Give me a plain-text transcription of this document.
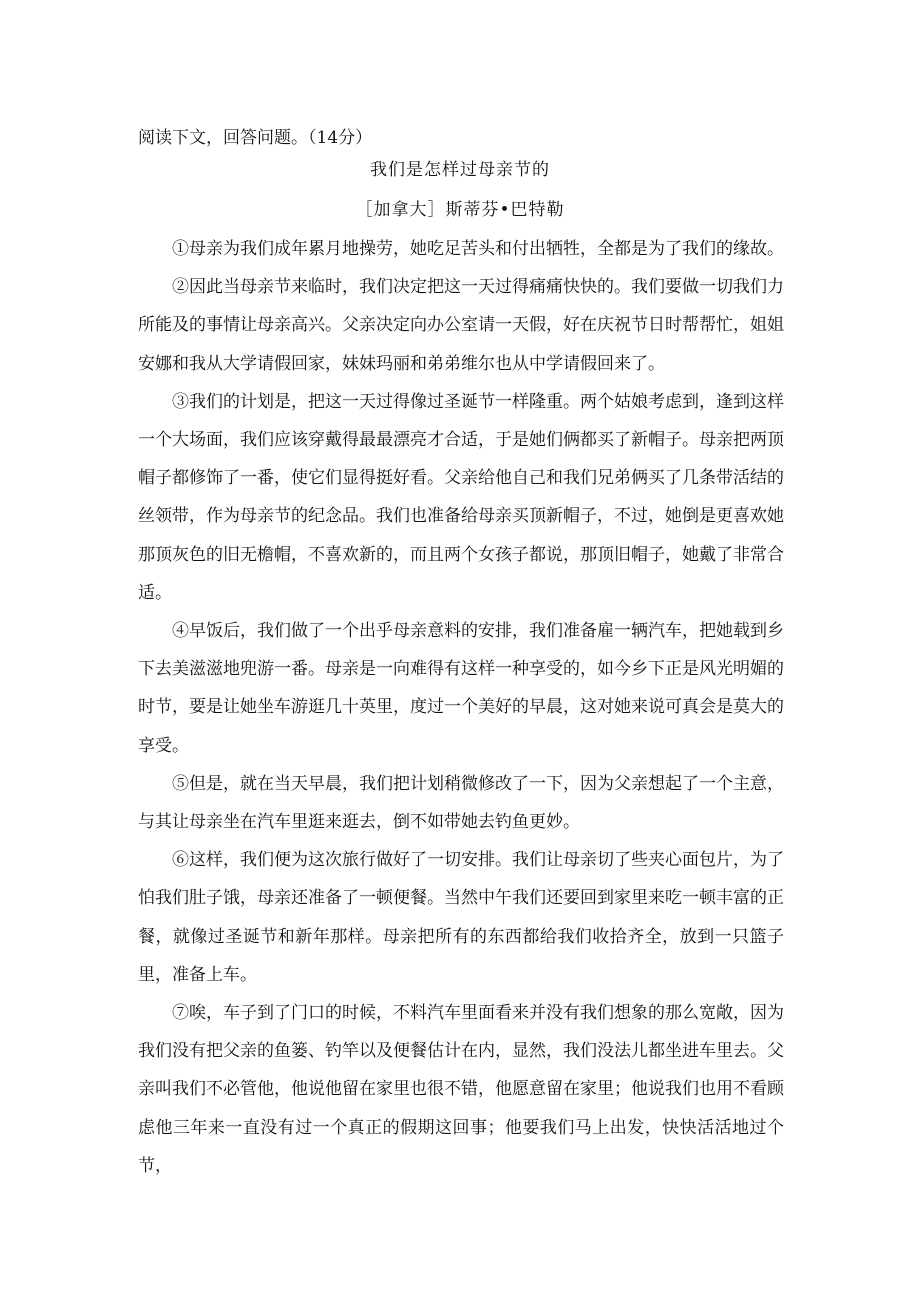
阅读下文，回答问题。（14分）
我们是怎样过母亲节的
［加拿大］斯蒂芬•巴特勒

①母亲为我们成年累月地操劳，她吃足苦头和付出牺牲，全都是为了我们的缘故。

②因此当母亲节来临时，我们决定把这一天过得痛痛快快的。我们要做一切我们力所能及的事情让母亲高兴。父亲决定向办公室请一天假，好在庆祝节日时帮帮忙，姐姐安娜和我从大学请假回家，妹妹玛丽和弟弟维尔也从中学请假回来了。

③我们的计划是，把这一天过得像过圣诞节一样隆重。两个姑娘考虑到，逢到这样一个大场面，我们应该穿戴得最最漂亮才合适，于是她们俩都买了新帽子。母亲把两顶帽子都修饰了一番，使它们显得挺好看。父亲给他自己和我们兄弟俩买了几条带活结的丝领带，作为母亲节的纪念品。我们也准备给母亲买顶新帽子，不过，她倒是更喜欢她那顶灰色的旧无檐帽，不喜欢新的，而且两个女孩子都说，那顶旧帽子，她戴了非常合适。

④早饭后，我们做了一个出乎母亲意料的安排，我们准备雇一辆汽车，把她载到乡下去美滋滋地兜游一番。母亲是一向难得有这样一种享受的，如今乡下正是风光明媚的时节，要是让她坐车游逛几十英里，度过一个美好的早晨，这对她来说可真会是莫大的享受。

⑤但是，就在当天早晨，我们把计划稍微修改了一下，因为父亲想起了一个主意，与其让母亲坐在汽车里逛来逛去，倒不如带她去钓鱼更妙。

⑥这样，我们便为这次旅行做好了一切安排。我们让母亲切了些夹心面包片，为了怕我们肚子饿，母亲还准备了一顿便餐。当然中午我们还要回到家里来吃一顿丰富的正餐，就像过圣诞节和新年那样。母亲把所有的东西都给我们收拾齐全，放到一只篮子里，准备上车。

⑦唉，车子到了门口的时候，不料汽车里面看来并没有我们想象的那么宽敞，因为我们没有把父亲的鱼篓、钓竿以及便餐估计在内，显然，我们没法儿都坐进车里去。父亲叫我们不必管他，他说他留在家里也很不错，他愿意留在家里；他说我们也用不看顾虑他三年来一直没有过一个真正的假期这回事；他要我们马上出发，快快活活地过个节，
